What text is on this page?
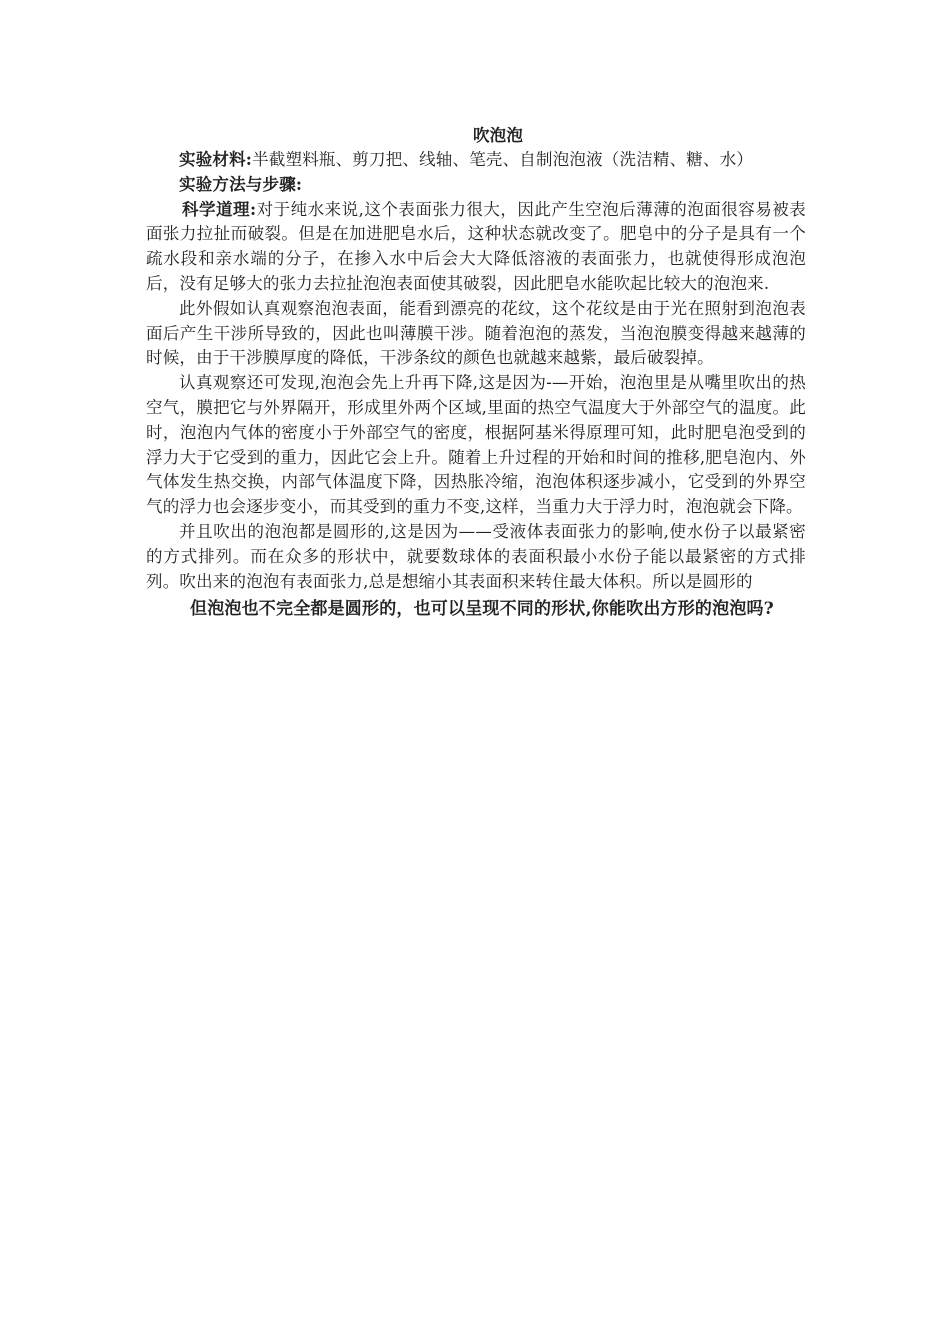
吹泡泡

实验材料:半截塑料瓶、剪刀把、线轴、笔壳、自制泡泡液（洗洁精、糖、水）

实验方法与步骤:

科学道理:对于纯水来说,这个表面张力很大，因此产生空泡后薄薄的泡面很容易被表面张力拉扯而破裂。但是在加进肥皂水后，这种状态就改变了。肥皂中的分子是具有一个疏水段和亲水端的分子，在掺入水中后会大大降低溶液的表面张力，也就使得形成泡泡后，没有足够大的张力去拉扯泡泡表面使其破裂，因此肥皂水能吹起比较大的泡泡来.

此外假如认真观察泡泡表面，能看到漂亮的花纹，这个花纹是由于光在照射到泡泡表面后产生干涉所导致的，因此也叫薄膜干涉。随着泡泡的蒸发，当泡泡膜变得越来越薄的时候，由于干涉膜厚度的降低，干涉条纹的颜色也就越来越紫，最后破裂掉。

认真观察还可发现,泡泡会先上升再下降,这是因为-—开始，泡泡里是从嘴里吹出的热空气，膜把它与外界隔开，形成里外两个区域,里面的热空气温度大于外部空气的温度。此时，泡泡内气体的密度小于外部空气的密度，根据阿基米得原理可知，此时肥皂泡受到的浮力大于它受到的重力，因此它会上升。随着上升过程的开始和时间的推移,肥皂泡内、外气体发生热交换，内部气体温度下降，因热胀冷缩，泡泡体积逐步减小，它受到的外界空气的浮力也会逐步变小，而其受到的重力不变,这样，当重力大于浮力时，泡泡就会下降。

并且吹出的泡泡都是圆形的,这是因为——受液体表面张力的影响,使水份子以最紧密的方式排列。而在众多的形状中，就要数球体的表面积最小水份子能以最紧密的方式排列。吹出来的泡泡有表面张力,总是想缩小其表面积来转住最大体积。所以是圆形的

但泡泡也不完全都是圆形的，也可以呈现不同的形状,你能吹出方形的泡泡吗?
